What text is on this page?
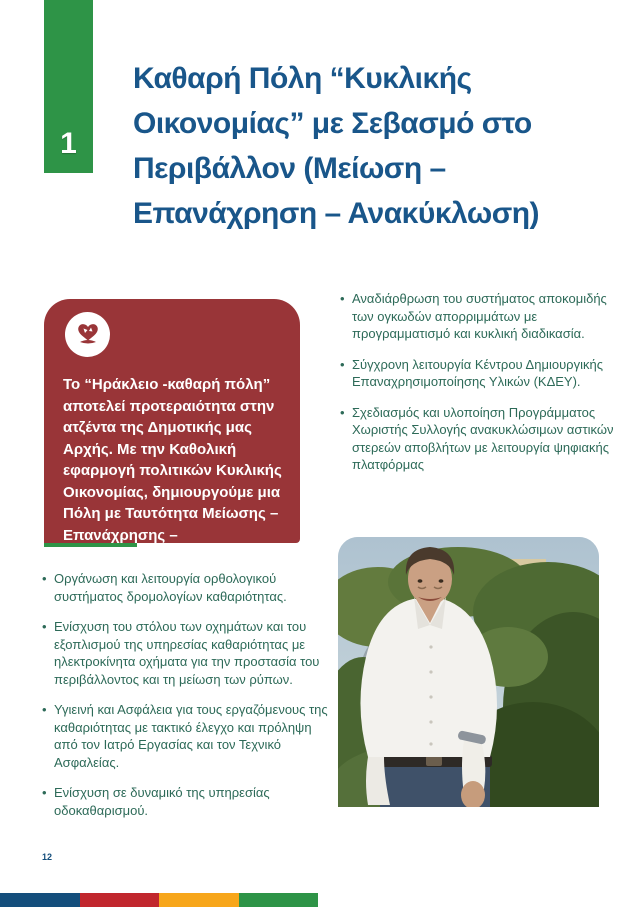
1
Καθαρή Πόλη “Κυκλικής Οικονομίας” με Σεβασμό στο Περιβάλλον (Μείωση – Επανάχρηση – Ανακύκλωση)

Το “Ηράκλειο -καθαρή πόλη” αποτελεί προτεραιότητα στην ατζέντα της Δημοτικής μας Αρχής. Με την Καθολική εφαρμογή πολιτικών Κυκλικής Οικονομίας, δημιουργούμε μια Πόλη με Ταυτότητα Μείωσης – Επανάχρησης – Ανακύκλωσης.

• Αναδιάρθρωση του συστήματος αποκομιδής των ογκωδών απορριμμάτων με προγραμματισμό και κυκλική διαδικασία.
• Σύγχρονη λειτουργία Κέντρου Δημιουργικής Επαναχρησιμοποίησης Υλικών (ΚΔΕΥ).
• Σχεδιασμός και υλοποίηση Προγράμματος Χωριστής Συλλογής ανακυκλώσιμων αστικών στερεών αποβλήτων με λειτουργία ψηφιακής πλατφόρμας
• Οργάνωση και λειτουργία ορθολογικού συστήματος δρομολογίων καθαριότητας.
• Ενίσχυση του στόλου των οχημάτων και του εξοπλισμού της υπηρεσίας καθαριότητας με ηλεκτροκίνητα οχήματα για την προστασία του περιβάλλοντος και τη μείωση των ρύπων.
• Υγιεινή και Ασφάλεια για τους εργαζόμενους της καθαριότητας με τακτικό έλεγχο και πρόληψη από τον Ιατρό Εργασίας και τον Τεχνικό Ασφαλείας.
• Ενίσχυση σε δυναμικό της υπηρεσίας οδοκαθαρισμού.
12
